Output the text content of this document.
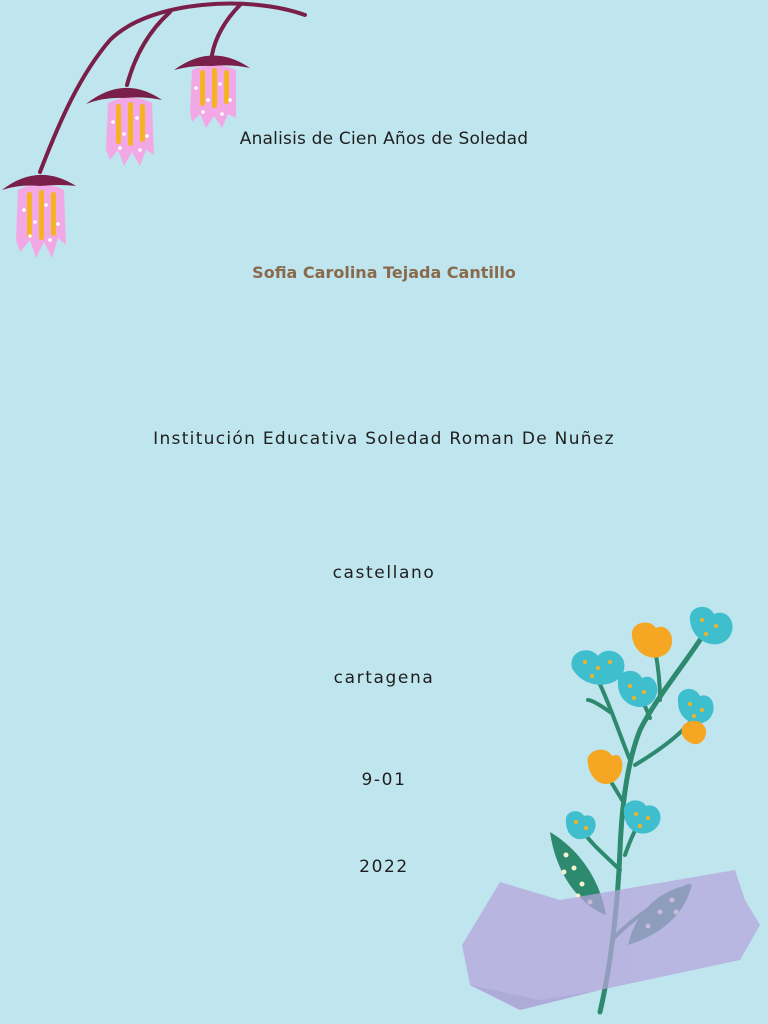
Analisis de Cien Años de Soledad
Sofia Carolina Tejada Cantillo
Institución Educativa Soledad Roman De Nuñez
castellano
cartagena
9-01
2022
